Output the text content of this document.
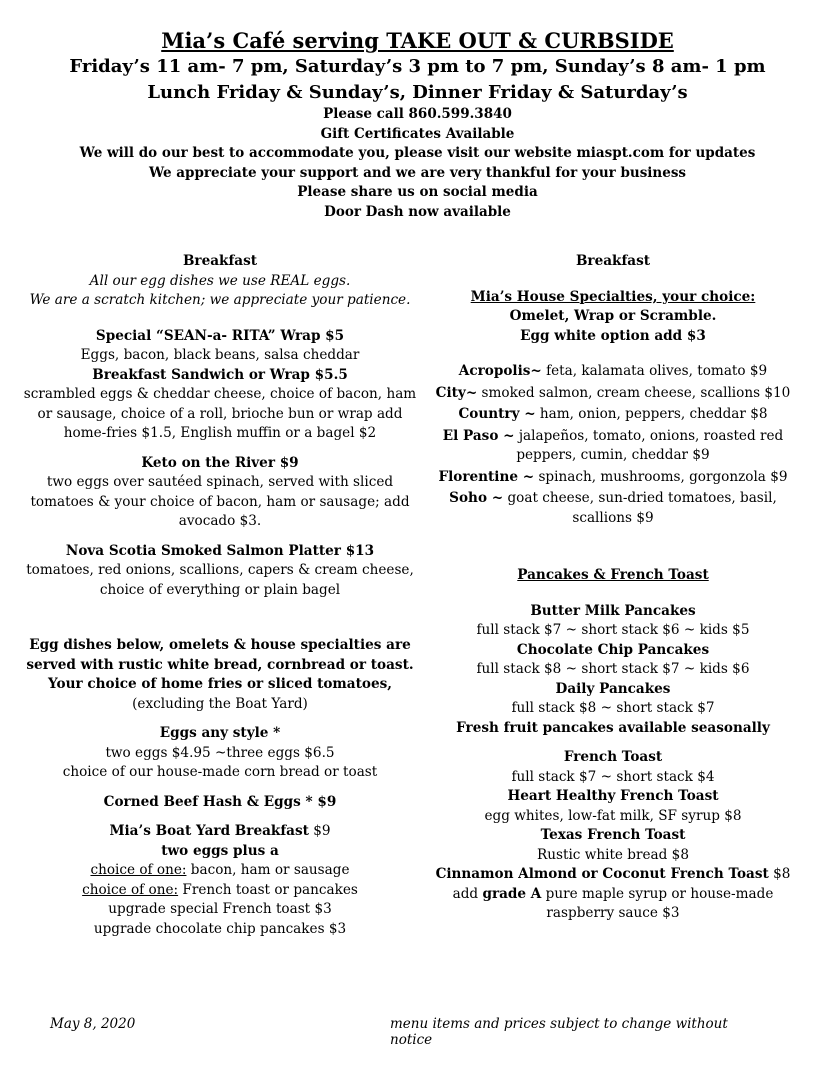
Mia’s Café serving TAKE OUT & CURBSIDE

Friday’s 11 am- 7 pm, Saturday’s 3 pm to 7 pm, Sunday’s 8 am- 1 pm

Lunch Friday & Sunday’s, Dinner Friday & Saturday’s

Please call 860.599.3840

Gift Certificates Available

We will do our best to accommodate you, please visit our website miaspt.com for updates

We appreciate your support and we are very thankful for your business

Please share us on social media

Door Dash now available

Breakfast

All our egg dishes we use REAL eggs.

We are a scratch kitchen; we appreciate your patience.

Special “SEAN-a- RITA” Wrap $5

Eggs, bacon, black beans, salsa cheddar

Breakfast Sandwich or Wrap $5.5

scrambled eggs & cheddar cheese, choice of bacon, ham

or sausage, choice of a roll, brioche bun or wrap add

home-fries $1.5, English muffin or a bagel $2

Keto on the River $9

two eggs over sautéed spinach, served with sliced

tomatoes & your choice of bacon, ham or sausage; add

avocado $3.

Nova Scotia Smoked Salmon Platter $13

tomatoes, red onions, scallions, capers & cream cheese,

choice of everything or plain bagel

Egg dishes below, omelets & house specialties are

served with rustic white bread, cornbread or toast.

Your choice of home fries or sliced tomatoes,

(excluding the Boat Yard)

Eggs any style *

two eggs $4.95 ~three eggs $6.5

choice of our house-made corn bread or toast

Corned Beef Hash & Eggs * $9

Mia’s Boat Yard Breakfast $9

two eggs plus a

choice of one: bacon, ham or sausage

choice of one: French toast or pancakes

upgrade special French toast $3

upgrade chocolate chip pancakes $3

Breakfast

Mia’s House Specialties, your choice:

Omelet, Wrap or Scramble.

Egg white option add $3

Acropolis~ feta, kalamata olives, tomato $9

City~ smoked salmon, cream cheese, scallions $10

Country ~ ham, onion, peppers, cheddar $8

El Paso ~ jalapeños, tomato, onions, roasted red peppers, cumin, cheddar $9

Florentine ~ spinach, mushrooms, gorgonzola $9

Soho ~ goat cheese, sun-dried tomatoes, basil, scallions $9

Pancakes & French Toast

Butter Milk Pancakes

full stack $7 ~ short stack $6 ~ kids $5

Chocolate Chip Pancakes

full stack $8 ~ short stack $7 ~ kids $6

Daily Pancakes

full stack $8 ~ short stack $7

Fresh fruit pancakes available seasonally

French Toast

full stack $7 ~ short stack $4

Heart Healthy French Toast

egg whites, low-fat milk, SF syrup $8

Texas French Toast

Rustic white bread $8

Cinnamon Almond or Coconut French Toast $8

add grade A pure maple syrup or house-made

raspberry sauce $3

May 8, 2020	menu items and prices subject to change without notice
